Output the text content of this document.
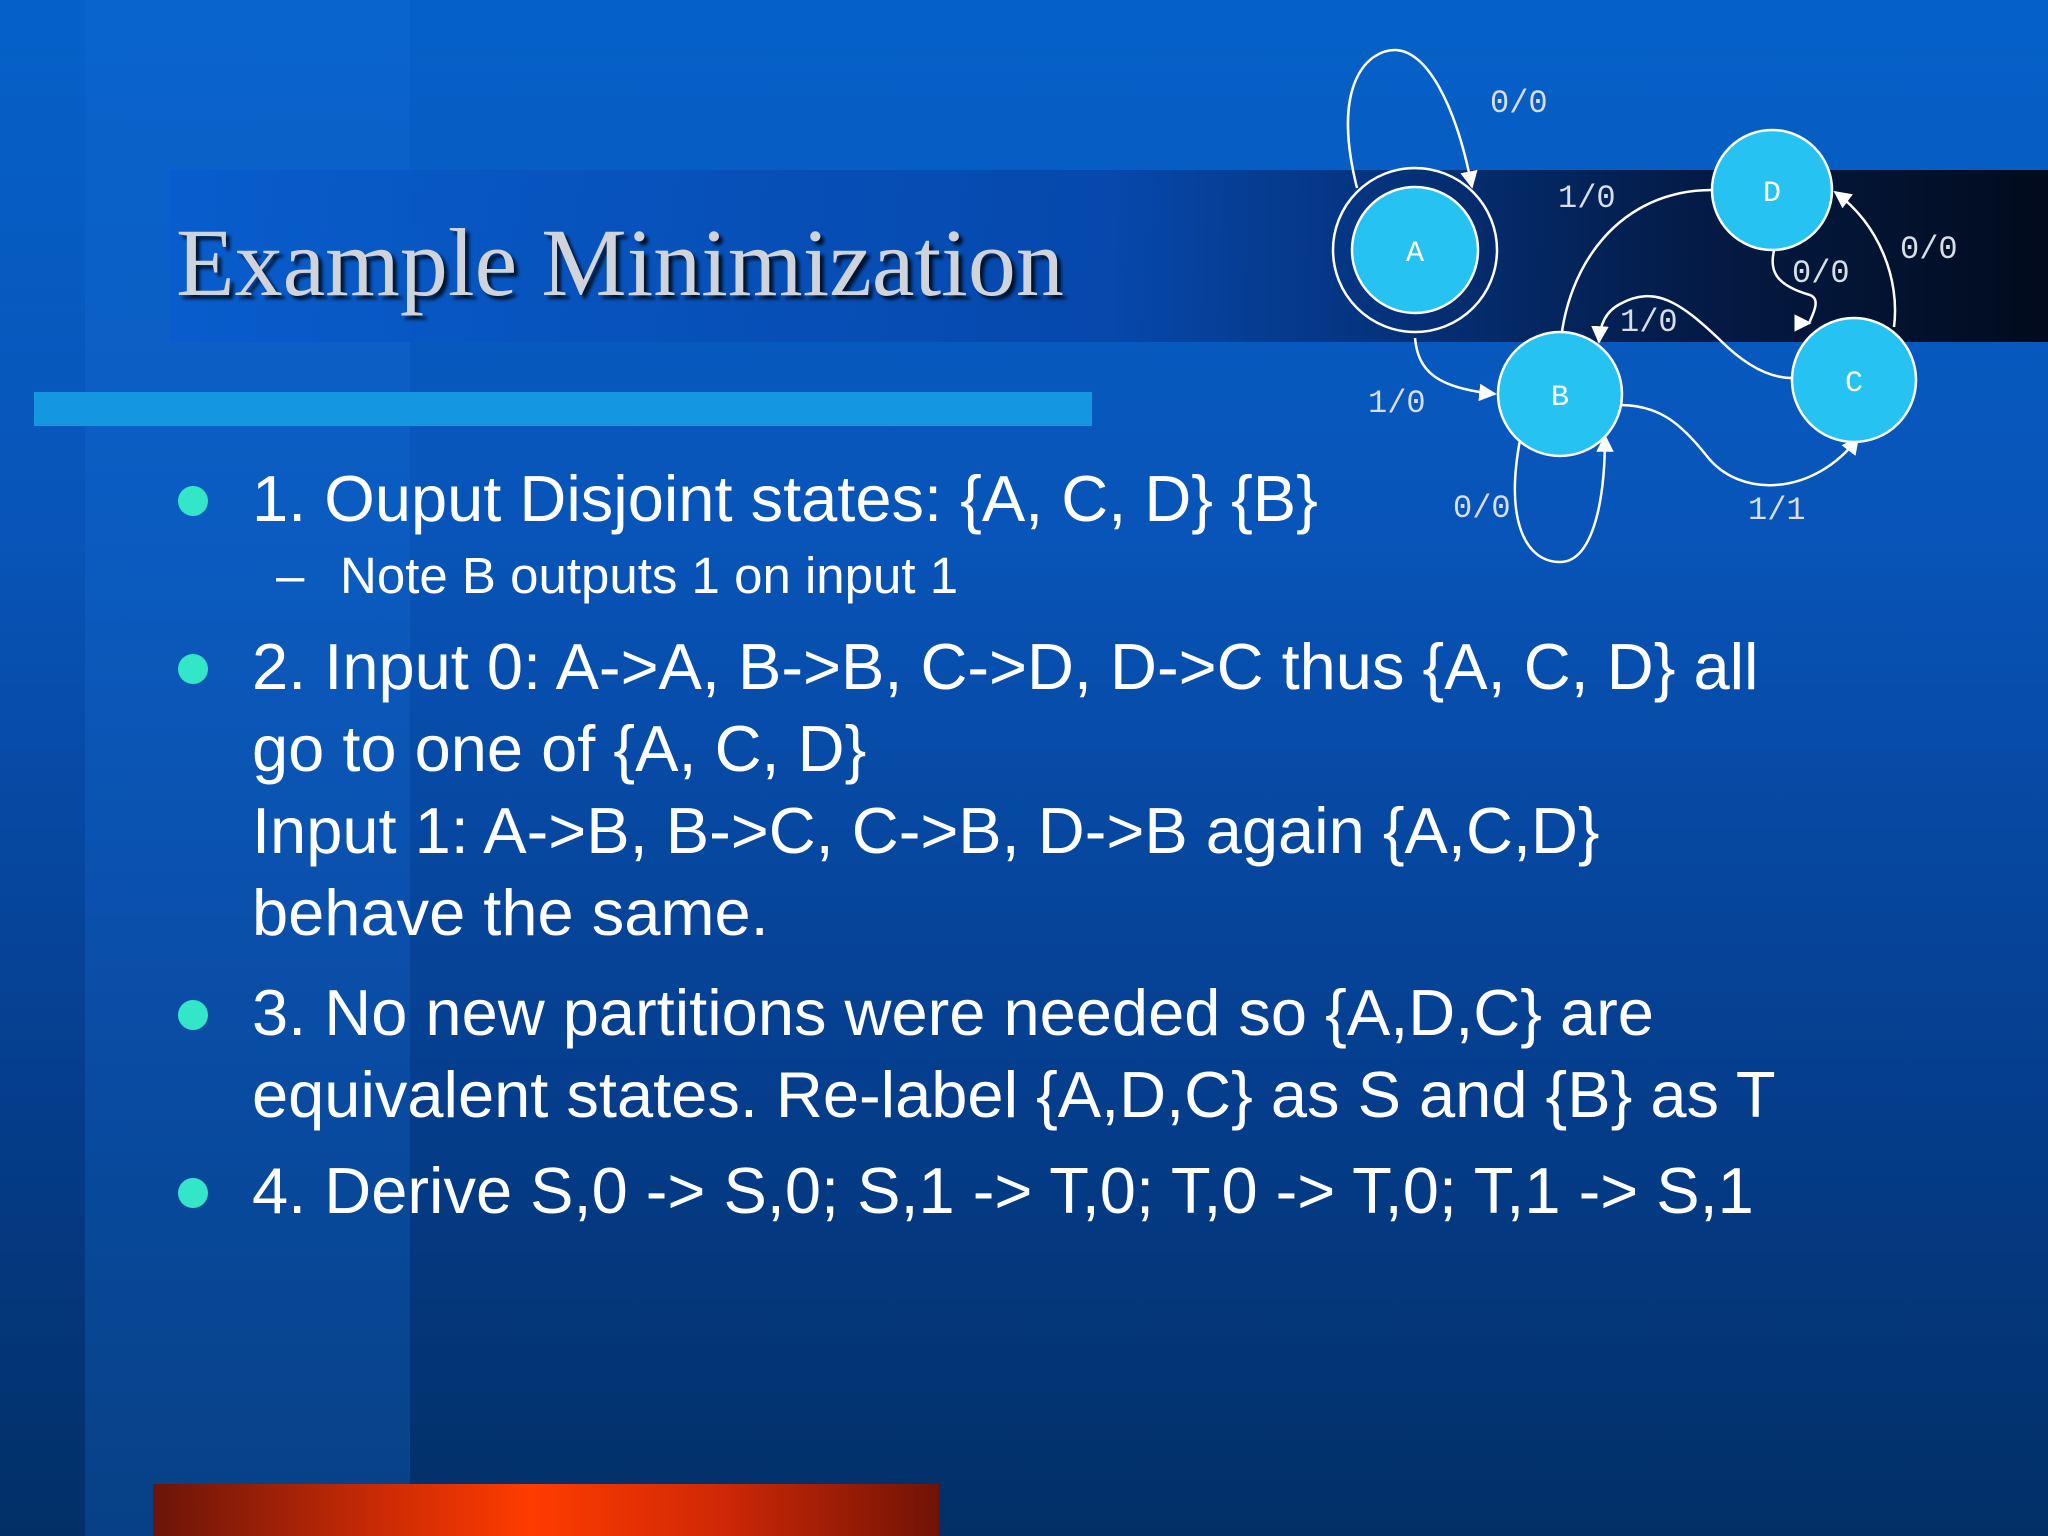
Example Minimization
1. Ouput Disjoint states: {A, C, D} {B}
– Note B outputs 1 on input 1
2. Input 0: A->A, B->B, C->D, D->C thus {A, C, D} all
go to one of {A, C, D}
Input 1: A->B, B->C, C->B, D->B again {A,C,D}
behave the same.
3. No new partitions were needed so {A,D,C} are
equivalent states. Re-label {A,D,C} as S and {B} as T
4. Derive S,0 -> S,0; S,1 -> T,0; T,0 -> T,0; T,1 -> S,1
A
B	C
D
0/0
1/0
0/0	1/1
1/0
0/0
1/0
0/0
